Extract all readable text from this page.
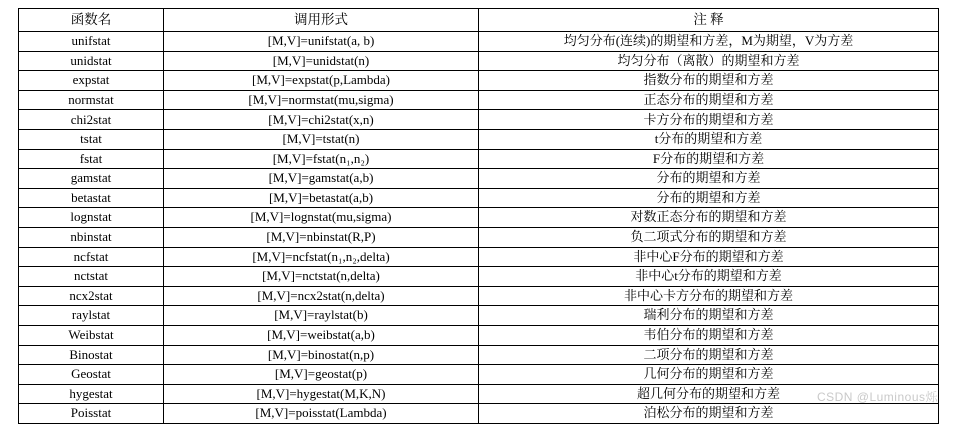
函数名	调用形式	注 释
unifstat	[M,V]=unifstat(a, b)	均匀分布(连续)的期望和方差，M为期望，V为方差
unidstat	[M,V]=unidstat(n)	均匀分布（离散）的期望和方差
expstat	[M,V]=expstat(p,Lambda)	指数分布的期望和方差
normstat	[M,V]=normstat(mu,sigma)	正态分布的期望和方差
chi2stat	[M,V]=chi2stat(x,n)	卡方分布的期望和方差
tstat	[M,V]=tstat(n)	t分布的期望和方差
fstat	[M,V]=fstat(n₁,n₂)	F分布的期望和方差
gamstat	[M,V]=gamstat(a,b)	分布的期望和方差
betastat	[M,V]=betastat(a,b)	分布的期望和方差
lognstat	[M,V]=lognstat(mu,sigma)	对数正态分布的期望和方差
nbinstat	[M,V]=nbinstat(R,P)	负二项式分布的期望和方差
ncfstat	[M,V]=ncfstat(n₁,n₂,delta)	非中心F分布的期望和方差
nctstat	[M,V]=nctstat(n,delta)	非中心t分布的期望和方差
ncx2stat	[M,V]=ncx2stat(n,delta)	非中心卡方分布的期望和方差
raylstat	[M,V]=raylstat(b)	瑞利分布的期望和方差
Weibstat	[M,V]=weibstat(a,b)	韦伯分布的期望和方差
Binostat	[M,V]=binostat(n,p)	二项分布的期望和方差
Geostat	[M,V]=geostat(p)	几何分布的期望和方差
hygestat	[M,V]=hygestat(M,K,N)	超几何分布的期望和方差
Poisstat	[M,V]=poisstat(Lambda)	泊松分布的期望和方差
CSDN @Luminous烁
